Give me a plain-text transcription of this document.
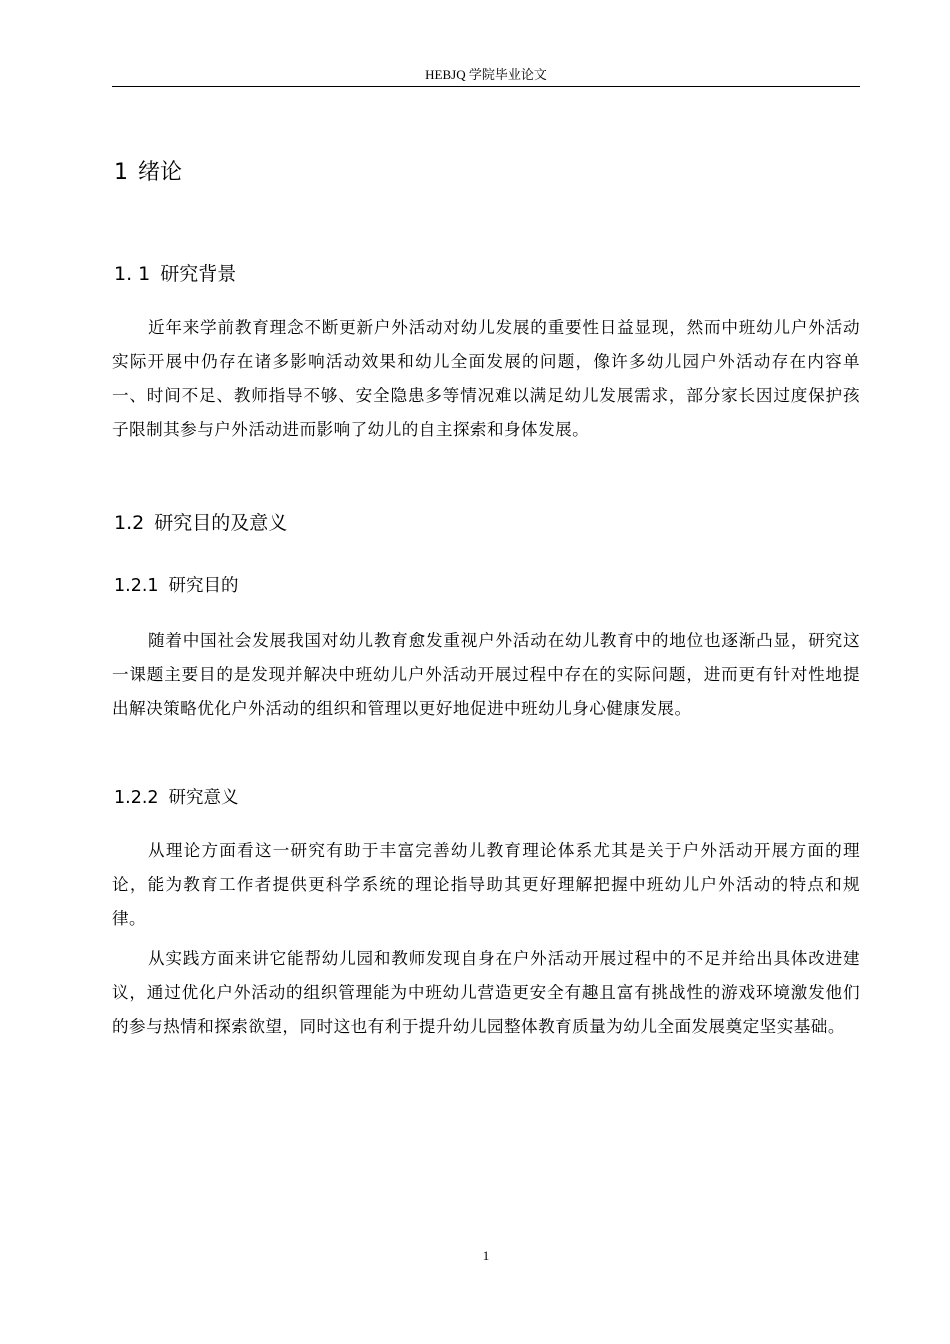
HEBJQ 学院毕业论文
1 绪论
1. 1 研究背景

近年来学前教育理念不断更新户外活动对幼儿发展的重要性日益显现，然而中班幼儿户外活动实际开展中仍存在诸多影响活动效果和幼儿全面发展的问题，像许多幼儿园户外活动存在内容单一、时间不足、教师指导不够、安全隐患多等情况难以满足幼儿发展需求，部分家长因过度保护孩子限制其参与户外活动进而影响了幼儿的自主探索和身体发展。

1.2 研究目的及意义
1.2.1 研究目的

随着中国社会发展我国对幼儿教育愈发重视户外活动在幼儿教育中的地位也逐渐凸显，研究这一课题主要目的是发现并解决中班幼儿户外活动开展过程中存在的实际问题，进而更有针对性地提出解决策略优化户外活动的组织和管理以更好地促进中班幼儿身心健康发展。

1.2.2 研究意义

从理论方面看这一研究有助于丰富完善幼儿教育理论体系尤其是关于户外活动开展方面的理论，能为教育工作者提供更科学系统的理论指导助其更好理解把握中班幼儿户外活动的特点和规律。

从实践方面来讲它能帮幼儿园和教师发现自身在户外活动开展过程中的不足并给出具体改进建议，通过优化户外活动的组织管理能为中班幼儿营造更安全有趣且富有挑战性的游戏环境激发他们的参与热情和探索欲望，同时这也有利于提升幼儿园整体教育质量为幼儿全面发展奠定坚实基础。

1
